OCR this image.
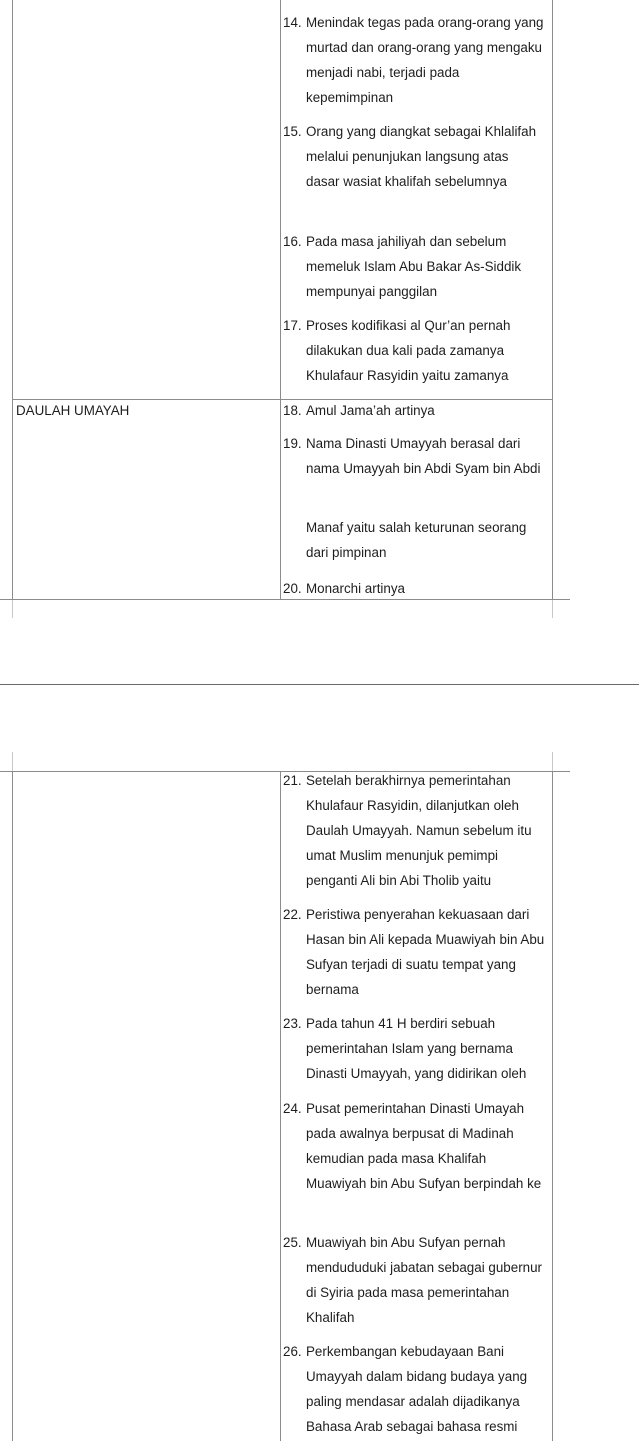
DAULAH UMAYAH
14. Menindak tegas pada orang-orang yang murtad dan orang-orang yang mengaku menjadi nabi, terjadi pada kepemimpinan
15. Orang yang diangkat sebagai Khlalifah melalui penunjukan langsung atas dasar wasiat khalifah sebelumnya
16. Pada masa jahiliyah dan sebelum memeluk Islam Abu Bakar As-Siddik mempunyai panggilan
17. Proses kodifikasi al Qur’an pernah dilakukan dua kali pada zamanya Khulafaur Rasyidin yaitu zamanya
18. Amul Jama’ah artinya
19. Nama Dinasti Umayyah berasal dari nama Umayyah bin Abdi Syam bin Abdi
Manaf yaitu salah keturunan seorang dari pimpinan
20. Monarchi artinya
21. Setelah berakhirnya pemerintahan Khulafaur Rasyidin, dilanjutkan oleh Daulah Umayyah. Namun sebelum itu umat Muslim menunjuk pemimpi penganti Ali bin Abi Tholib yaitu
22. Peristiwa penyerahan kekuasaan dari Hasan bin Ali kepada Muawiyah bin Abu Sufyan terjadi di suatu tempat yang bernama
23. Pada tahun 41 H berdiri sebuah pemerintahan Islam yang bernama Dinasti Umayyah, yang didirikan oleh
24. Pusat pemerintahan Dinasti Umayah pada awalnya berpusat di Madinah kemudian pada masa Khalifah Muawiyah bin Abu Sufyan berpindah ke
25. Muawiyah bin Abu Sufyan pernah mendududuki jabatan sebagai gubernur di Syiria pada masa pemerintahan Khalifah
26. Perkembangan kebudayaan Bani Umayyah dalam bidang budaya yang paling mendasar adalah dijadikanya Bahasa Arab sebagai bahasa resmi
